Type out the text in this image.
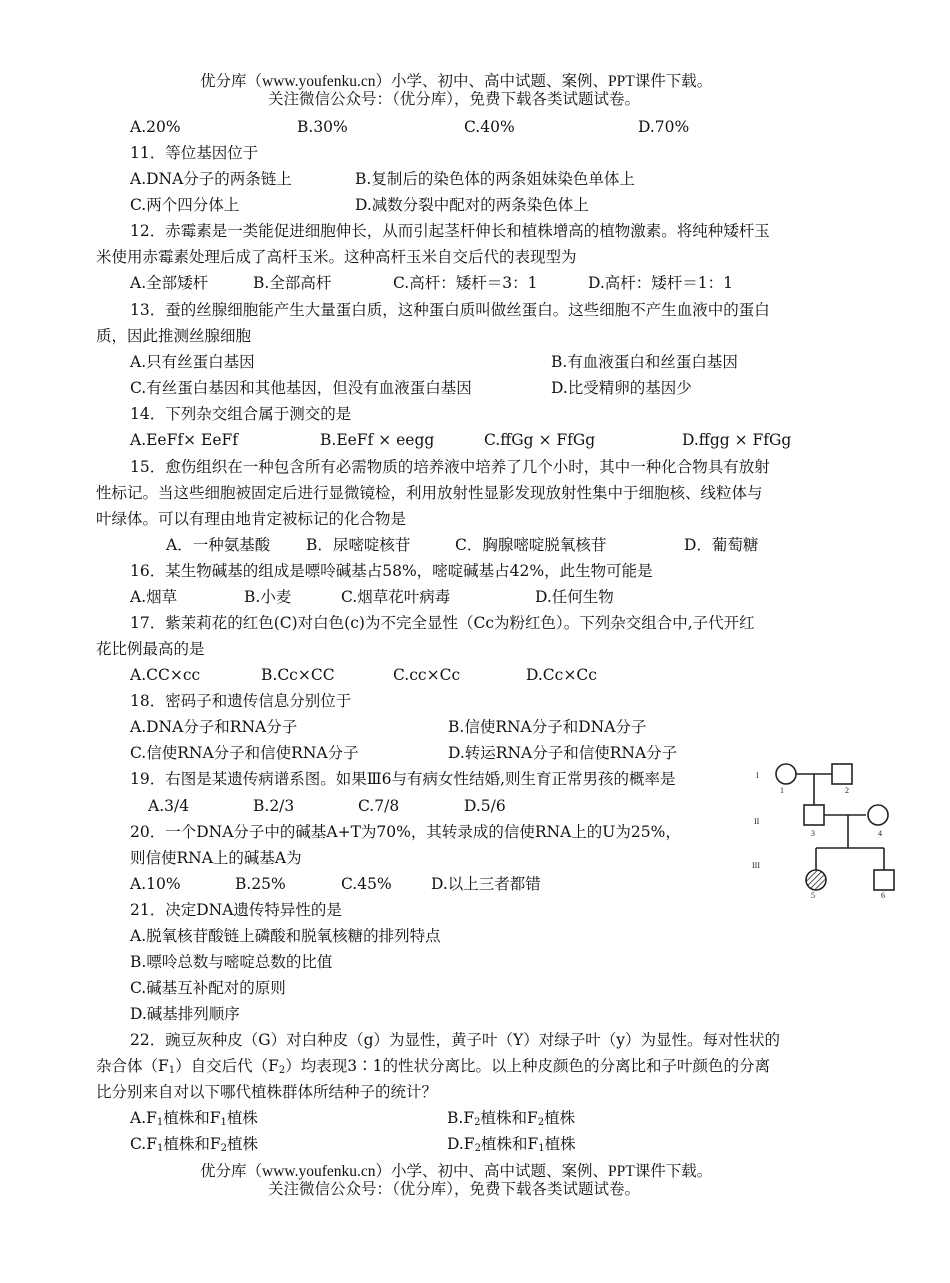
优分库（www.youfenku.cn）小学、初中、高中试题、案例、PPT课件下载。
关注微信公众号：（优分库），免费下载各类试题试卷。
A.20%	B.30%	C.40%	D.70%
11．等位基因位于
A.DNA分子的两条链上	B.复制后的染色体的两条姐妹染色单体上
C.两个四分体上	D.减数分裂中配对的两条染色体上
12．赤霉素是一类能促进细胞伸长，从而引起茎杆伸长和植株增高的植物激素。将纯种矮杆玉
米使用赤霉素处理后成了高杆玉米。这种高杆玉米自交后代的表现型为
A.全部矮杆	B.全部高杆	C.高杆：矮杆＝3：1	D.高杆：矮杆＝1：1
13．蚕的丝腺细胞能产生大量蛋白质，这种蛋白质叫做丝蛋白。这些细胞不产生血液中的蛋白
质，因此推测丝腺细胞
A.只有丝蛋白基因	B.有血液蛋白和丝蛋白基因
C.有丝蛋白基因和其他基因，但没有血液蛋白基因	D.比受精卵的基因少
14．下列杂交组合属于测交的是
A.EeFf× EeFf	B.EeFf × eegg	C.ffGg × FfGg	D.ffgg × FfGg
15．愈伤组织在一种包含所有必需物质的培养液中培养了几个小时，其中一种化合物具有放射
性标记。当这些细胞被固定后进行显微镜检，利用放射性显影发现放射性集中于细胞核、线粒体与
叶绿体。可以有理由地肯定被标记的化合物是
A．一种氨基酸 B．尿嘧啶核苷	C．胸腺嘧啶脱氧核苷	D．葡萄糖
16．某生物碱基的组成是嘌呤碱基占58%，嘧啶碱基占42%，此生物可能是
A.烟草	B.小麦	C.烟草花叶病毒	D.任何生物
17．紫茉莉花的红色(C)对白色(c)为不完全显性（Cc为粉红色）。下列杂交组合中,子代开红
花比例最高的是
A.CC×cc	B.Cc×CC	C.cc×Cc	D.Cc×Cc
18．密码子和遗传信息分别位于
A.DNA分子和RNA分子	B.信使RNA分子和DNA分子
C.信使RNA分子和信使RNA分子	D.转运RNA分子和信使RNA分子
19．右图是某遗传病谱系图。如果Ⅲ6与有病女性结婚,则生育正常男孩的概率是
A.3/4	B.2/3	C.7/8	D.5/6
I
II
III
1	2
3	4
5	6
20．一个DNA分子中的碱基A+T为70%，其转录成的信使RNA上的U为25%，
则信使RNA上的碱基A为
A.10%	B.25%	C.45%	D.以上三者都错
21．决定DNA遗传特异性的是
A.脱氧核苷酸链上磷酸和脱氧核糖的排列特点
B.嘌呤总数与嘧啶总数的比值
C.碱基互补配对的原则
D.碱基排列顺序
22．豌豆灰种皮（G）对白种皮（g）为显性，黄子叶（Y）对绿子叶（y）为显性。每对性状的
杂合体$(F_1)$自交后代$(F_2)$均表现3∶1的性状分离比。以上种皮颜色的分离比和子叶颜色的分离
比分别来自对以下哪代植株群体所结种子的统计？
$A.F_1$植株和$F_1$植株	$B.F_2$植株和$F_2$植株
$C.F_1$植株和$F_2$植株	$D.F_2$植株和$F_1$植株
优分库（www.youfenku.cn）小学、初中、高中试题、案例、PPT课件下载。
关注微信公众号：（优分库），免费下载各类试题试卷。
